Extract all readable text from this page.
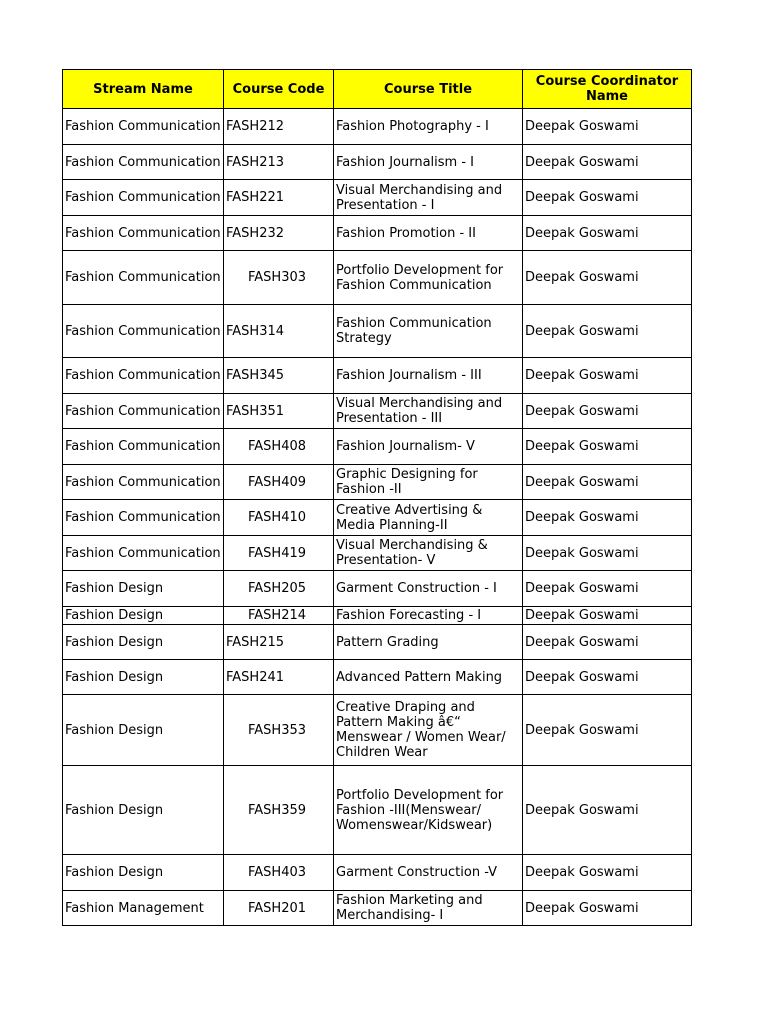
Stream Name	Course Code	Course Title	Course Coordinator Name
Fashion Communication	FASH212	Fashion Photography - I	Deepak Goswami
Fashion Communication	FASH213	Fashion Journalism - I	Deepak Goswami
Fashion Communication	FASH221	Visual Merchandising and Presentation - I	Deepak Goswami
Fashion Communication	FASH232	Fashion Promotion - II	Deepak Goswami
Fashion Communication	FASH303	Portfolio Development for Fashion Communication	Deepak Goswami
Fashion Communication	FASH314	Fashion Communication Strategy	Deepak Goswami
Fashion Communication	FASH345	Fashion Journalism - III	Deepak Goswami
Fashion Communication	FASH351	Visual Merchandising and Presentation - III	Deepak Goswami
Fashion Communication	FASH408	Fashion Journalism- V	Deepak Goswami
Fashion Communication	FASH409	Graphic Designing for Fashion -II	Deepak Goswami
Fashion Communication	FASH410	Creative Advertising & Media Planning-II	Deepak Goswami
Fashion Communication	FASH419	Visual Merchandising & Presentation- V	Deepak Goswami
Fashion Design	FASH205	Garment Construction - I	Deepak Goswami
Fashion Design	FASH214	Fashion Forecasting - I	Deepak Goswami
Fashion Design	FASH215	Pattern Grading	Deepak Goswami
Fashion Design	FASH241	Advanced Pattern Making	Deepak Goswami
Fashion Design	FASH353	Creative Draping and Pattern Making â€“ Menswear / Women Wear/ Children Wear	Deepak Goswami
Fashion Design	FASH359	Portfolio Development for Fashion -III(Menswear/ Womenswear/Kidswear)	Deepak Goswami
Fashion Design	FASH403	Garment Construction -V	Deepak Goswami
Fashion Management	FASH201	Fashion Marketing and Merchandising- I	Deepak Goswami
